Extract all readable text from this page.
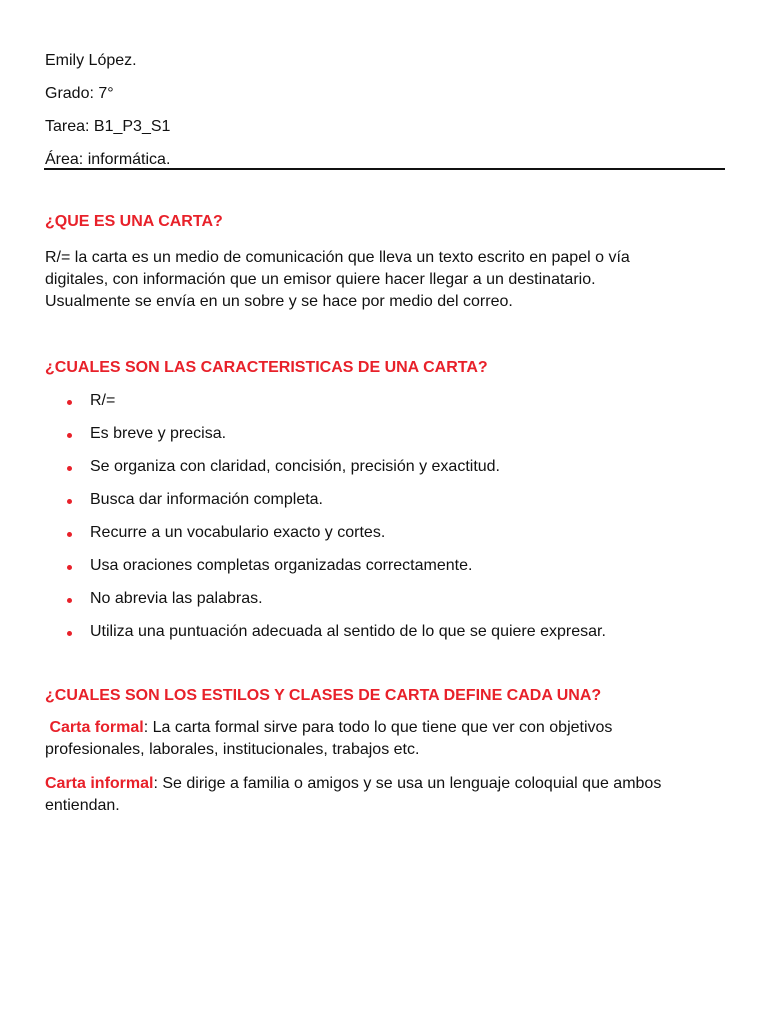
Emily López.
Grado: 7°
Tarea: B1_P3_S1
Área: informática.
¿QUE ES UNA CARTA?

R/= la carta es un medio de comunicación que lleva un texto escrito en papel o vía

digitales, con información que un emisor quiere hacer llegar a un destinatario.

Usualmente se envía en un sobre y se hace por medio del correo.

¿CUALES SON LAS CARACTERISTICAS DE UNA CARTA?
R/=
Es breve y precisa.
Se organiza con claridad, concisión, precisión y exactitud.
Busca dar información completa.
Recurre a un vocabulario exacto y cortes.
Usa oraciones completas organizadas correctamente.
No abrevia las palabras.
Utiliza una puntuación adecuada al sentido de lo que se quiere expresar.
¿CUALES SON LOS ESTILOS Y CLASES DE CARTA DEFINE CADA UNA?

Carta formal: La carta formal sirve para todo lo que tiene que ver con objetivos

profesionales, laborales, institucionales, trabajos etc.

Carta informal: Se dirige a familia o amigos y se usa un lenguaje coloquial que ambos

entiendan.
